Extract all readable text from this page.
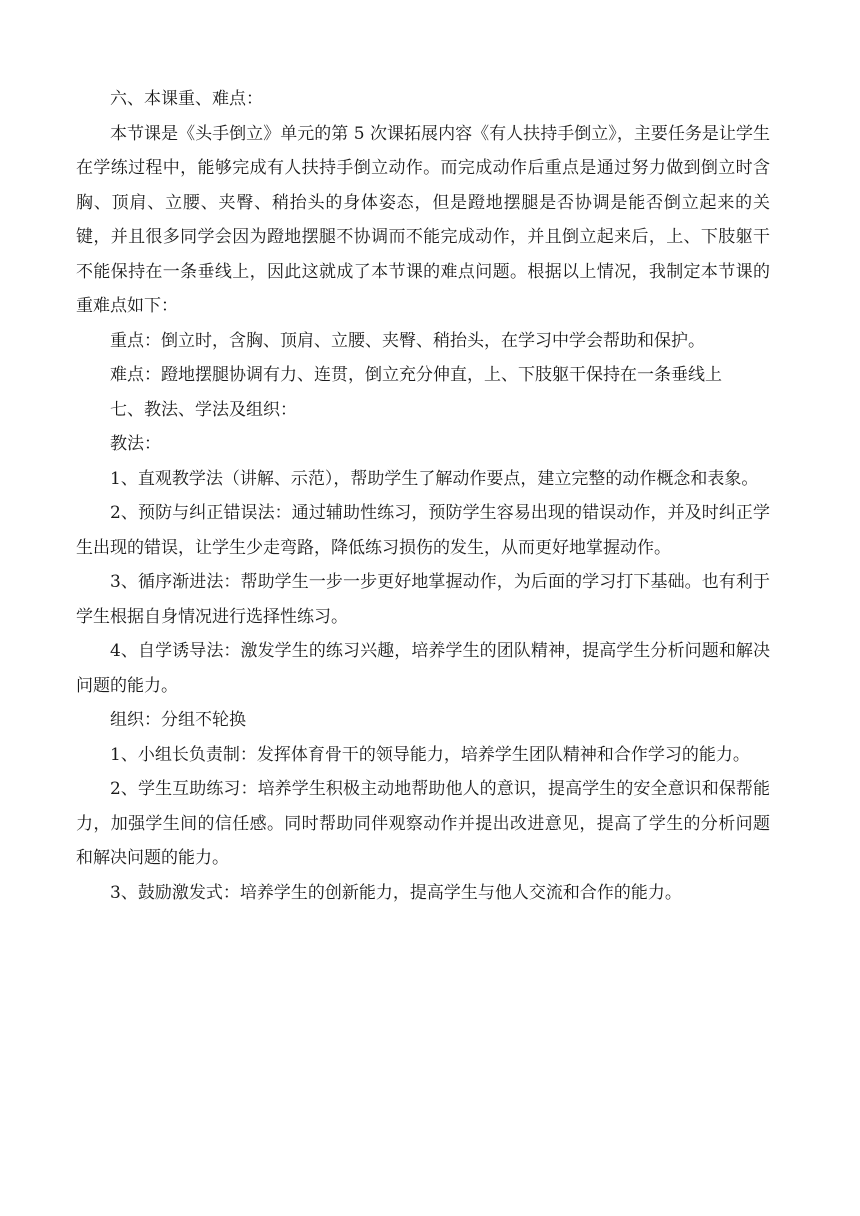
六、本课重、难点：

本节课是《头手倒立》单元的第 5 次课拓展内容《有人扶持手倒立》，主要任务是让学生在学练过程中，能够完成有人扶持手倒立动作。而完成动作后重点是通过努力做到倒立时含胸、顶肩、立腰、夹臀、稍抬头的身体姿态，但是蹬地摆腿是否协调是能否倒立起来的关键，并且很多同学会因为蹬地摆腿不协调而不能完成动作，并且倒立起来后，上、下肢躯干不能保持在一条垂线上，因此这就成了本节课的难点问题。根据以上情况，我制定本节课的重难点如下：

重点：倒立时，含胸、顶肩、立腰、夹臀、稍抬头，在学习中学会帮助和保护。

难点：蹬地摆腿协调有力、连贯，倒立充分伸直，上、下肢躯干保持在一条垂线上

七、教法、学法及组织：

教法：

1、直观教学法（讲解、示范），帮助学生了解动作要点，建立完整的动作概念和表象。

2、预防与纠正错误法：通过辅助性练习，预防学生容易出现的错误动作，并及时纠正学生出现的错误，让学生少走弯路，降低练习损伤的发生，从而更好地掌握动作。

3、循序渐进法：帮助学生一步一步更好地掌握动作，为后面的学习打下基础。也有利于学生根据自身情况进行选择性练习。

4、自学诱导法：激发学生的练习兴趣，培养学生的团队精神，提高学生分析问题和解决问题的能力。

组织：分组不轮换

1、小组长负责制：发挥体育骨干的领导能力，培养学生团队精神和合作学习的能力。

2、学生互助练习：培养学生积极主动地帮助他人的意识，提高学生的安全意识和保帮能力，加强学生间的信任感。同时帮助同伴观察动作并提出改进意见，提高了学生的分析问题和解决问题的能力。

3、鼓励激发式：培养学生的创新能力，提高学生与他人交流和合作的能力。
